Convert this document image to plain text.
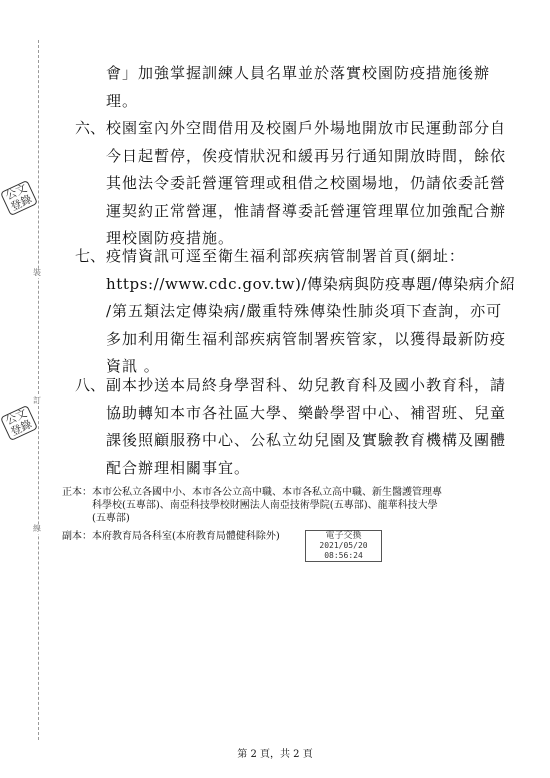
裝
訂
線
公文
登錄
公文
登錄
會」加強掌握訓練人員名單並於落實校園防疫措施後辦
理。
六、 校園室內外空間借用及校園戶外場地開放市民運動部分自
今日起暫停，俟疫情狀況和緩再另行通知開放時間，餘依
其他法令委託營運管理或租借之校園場地，仍請依委託營
運契約正常營運，惟請督導委託營運管理單位加強配合辦
理校園防疫措施。
七、 疫情資訊可逕至衛生福利部疾病管制署首頁(網址：
https://www.cdc.gov.tw)/傳染病與防疫專題/傳染病介紹
/第五類法定傳染病/嚴重特殊傳染性肺炎項下查詢，亦可
多加利用衛生福利部疾病管制署疾管家，以獲得最新防疫
資訊 。
八、 副本抄送本局終身學習科、幼兒教育科及國小教育科，請
協助轉知本市各社區大學、樂齡學習中心、補習班、兒童
課後照顧服務中心、公私立幼兒園及實驗教育機構及團體
配合辦理相關事宜。
正本：本市公私立各國中小、本市各公立高中職、本市各私立高中職、新生醫護管理專
　　　科學校(五專部)、南亞科技學校財團法人南亞技術學院(五專部)、龍華科技大學
　　　(五專部)
副本：本府教育局各科室(本府教育局體健科除外)	電子交換
2021/05/20
08:56:24
第 2 頁，共 2 頁
